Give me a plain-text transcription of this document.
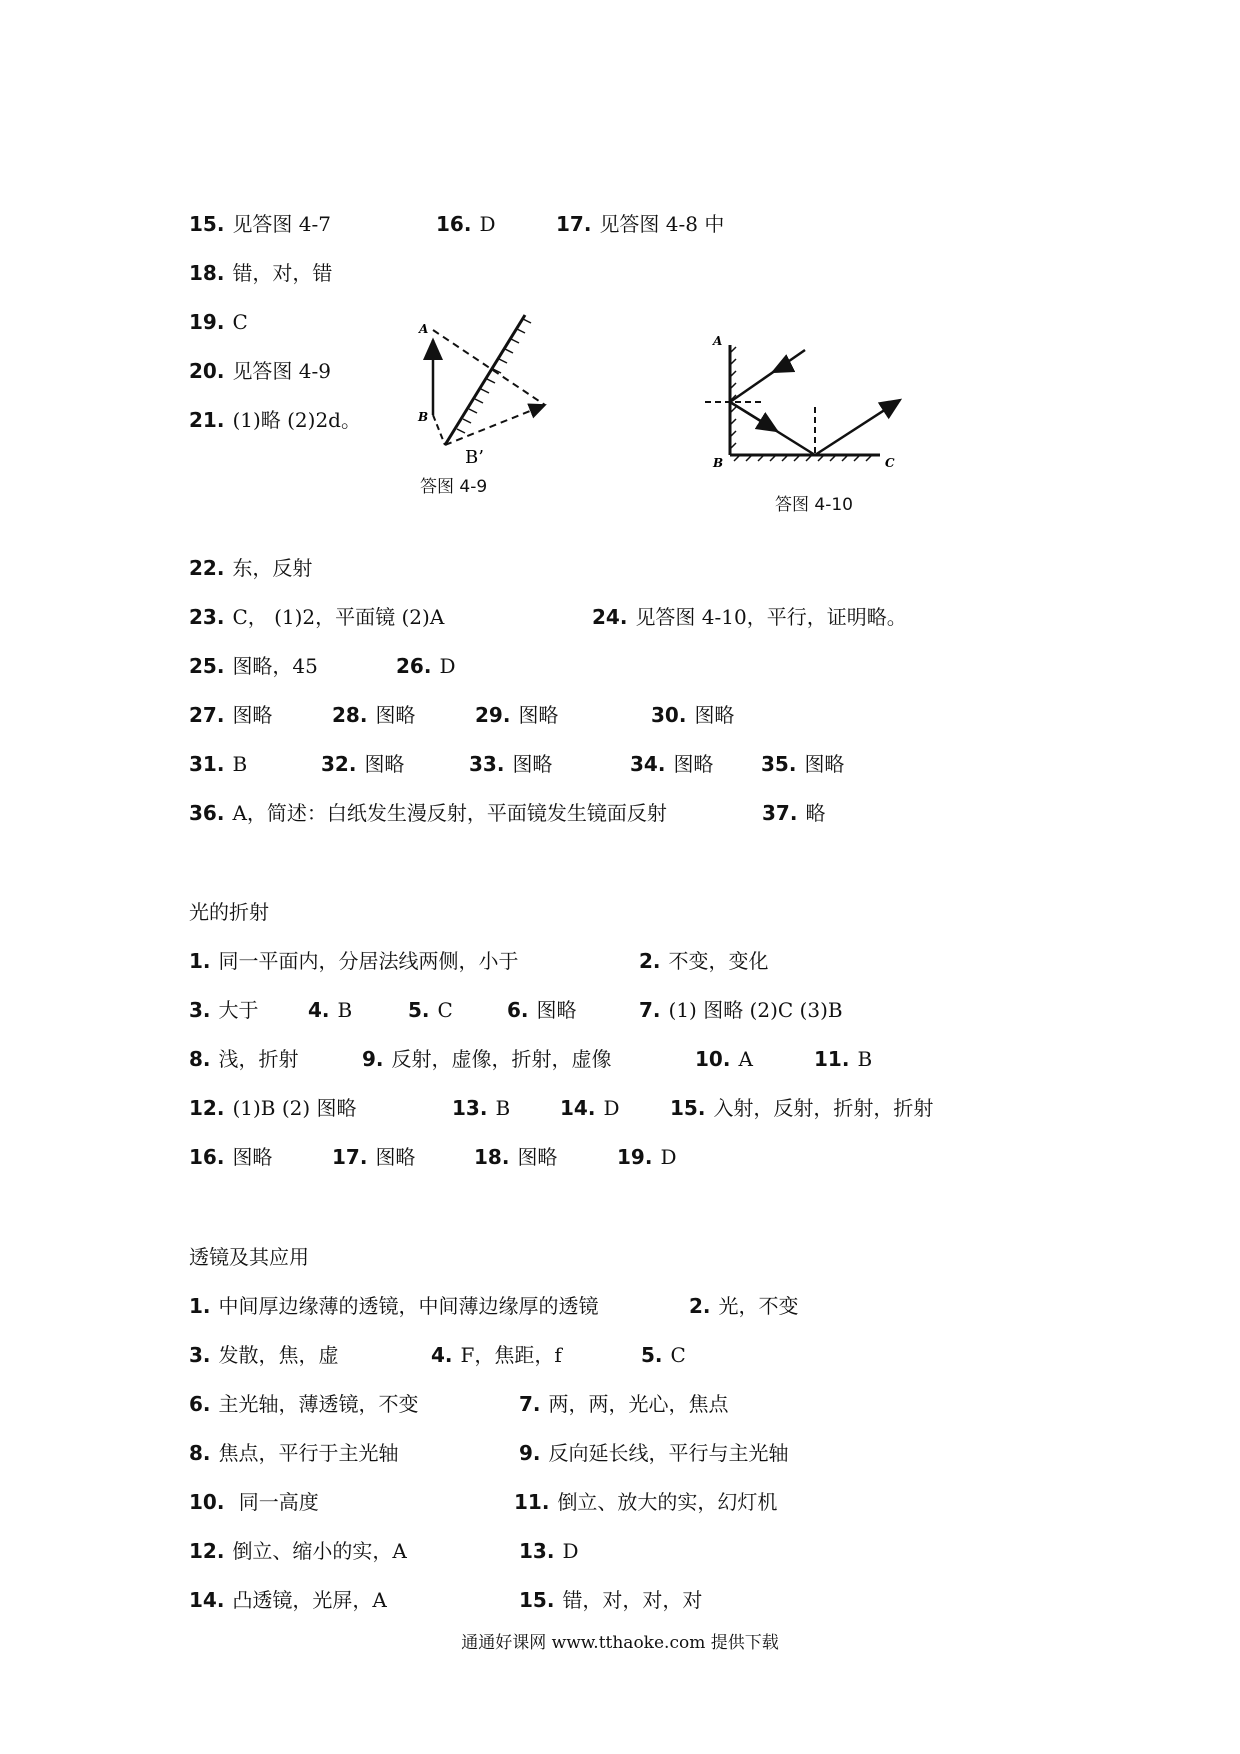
15. 见答图 4-7	16. D	17. 见答图 4-8 中
18. 错，对，错
19. C
20. 见答图 4-9
21. (1)略 (2)2d。
A
B
B’
答图 4-9
A
B	C
答图 4-10
22. 东，反射
23. C， (1)2，平面镜 (2)A	24. 见答图 4-10，平行，证明略。
25. 图略，45	26. D
27. 图略	28. 图略	29. 图略	30. 图略
31. B	32. 图略	33. 图略	34. 图略 35. 图略
36. A，简述：白纸发生漫反射，平面镜发生镜面反射	37. 略
光的折射
1. 同一平面内，分居法线两侧，小于	2. 不变，变化
3. 大于 4. B	5. C	6. 图略	7. (1) 图略 (2)C (3)B
8. 浅，折射	9. 反射，虚像，折射，虚像	10. A	11. B
12. (1)B (2) 图略	13. B 14. D	15. 入射，反射，折射，折射
16. 图略	17. 图略	18. 图略	19. D
透镜及其应用
1. 中间厚边缘薄的透镜，中间薄边缘厚的透镜	2. 光，不变
3. 发散，焦，虚	4. F，焦距，f	5. C
6. 主光轴，薄透镜，不变	7. 两，两，光心，焦点
8. 焦点，平行于主光轴	9. 反向延长线，平行与主光轴
10. 同一高度	11. 倒立、放大的实，幻灯机
12. 倒立、缩小的实，A	13. D
14. 凸透镜，光屏，A	15. 错，对，对，对
通通好课网 www.tthaoke.com 提供下载
